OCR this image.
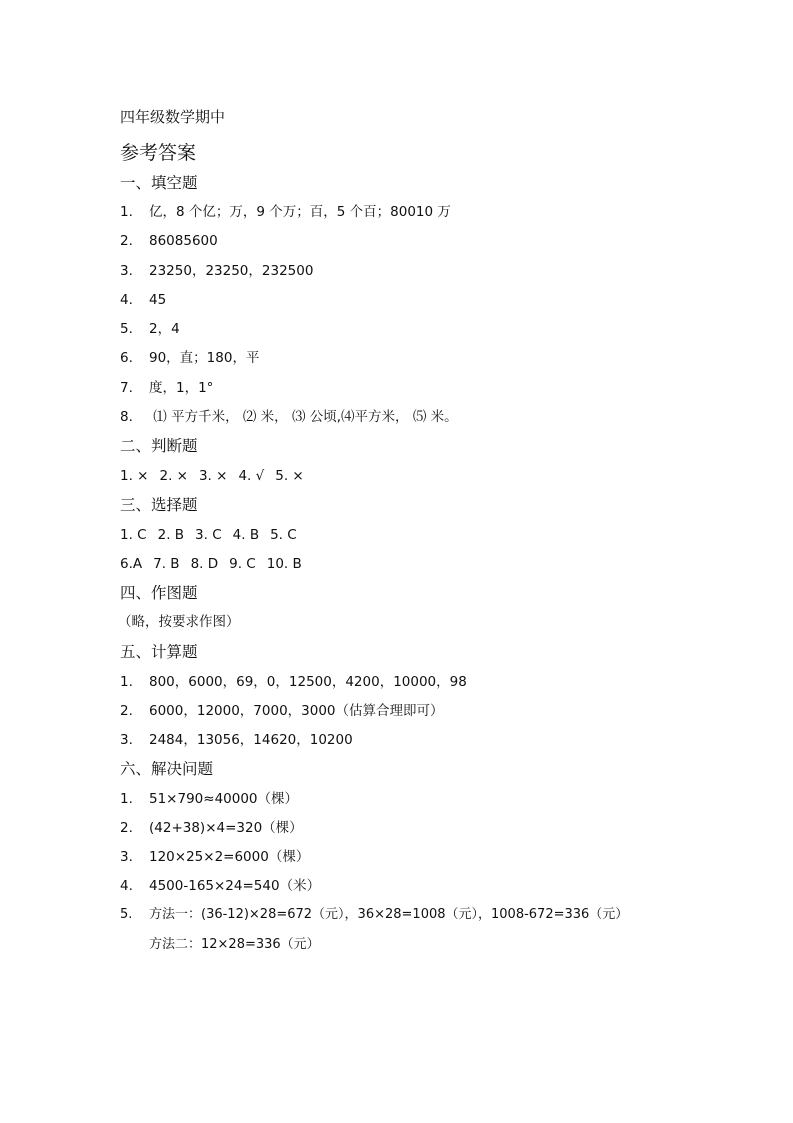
四年级数学期中
参考答案
一、填空题
1. 亿，8 个亿；万，9 个万；百，5 个百；80010 万
2. 86085600
3. 23250，23250，232500
4. 45
5. 2，4
6. 90，直；180，平
7. 度，1，1°
8. ⑴ 平方千米， ⑵ 米， ⑶ 公顷,⑷平方米， ⑸ 米。
二、判断题
1. × 2. × 3. × 4. √ 5. ×
三、选择题
1. C 2. B 3. C 4. B 5. C
6.A 7. B 8. D 9. C 10. B
四、作图题
（略，按要求作图）
五、计算题
1. 800，6000，69，0，12500，4200，10000，98
2. 6000，12000，7000，3000（估算合理即可）
3. 2484，13056，14620，10200
六、解决问题
1. 51×790≈40000（棵）
2. (42+38)×4=320（棵）
3. 120×25×2=6000（棵）
4. 4500-165×24=540（米）
5. 方法一：(36-12)×28=672（元），36×28=1008（元），1008-672=336（元）
方法二：12×28=336（元）
